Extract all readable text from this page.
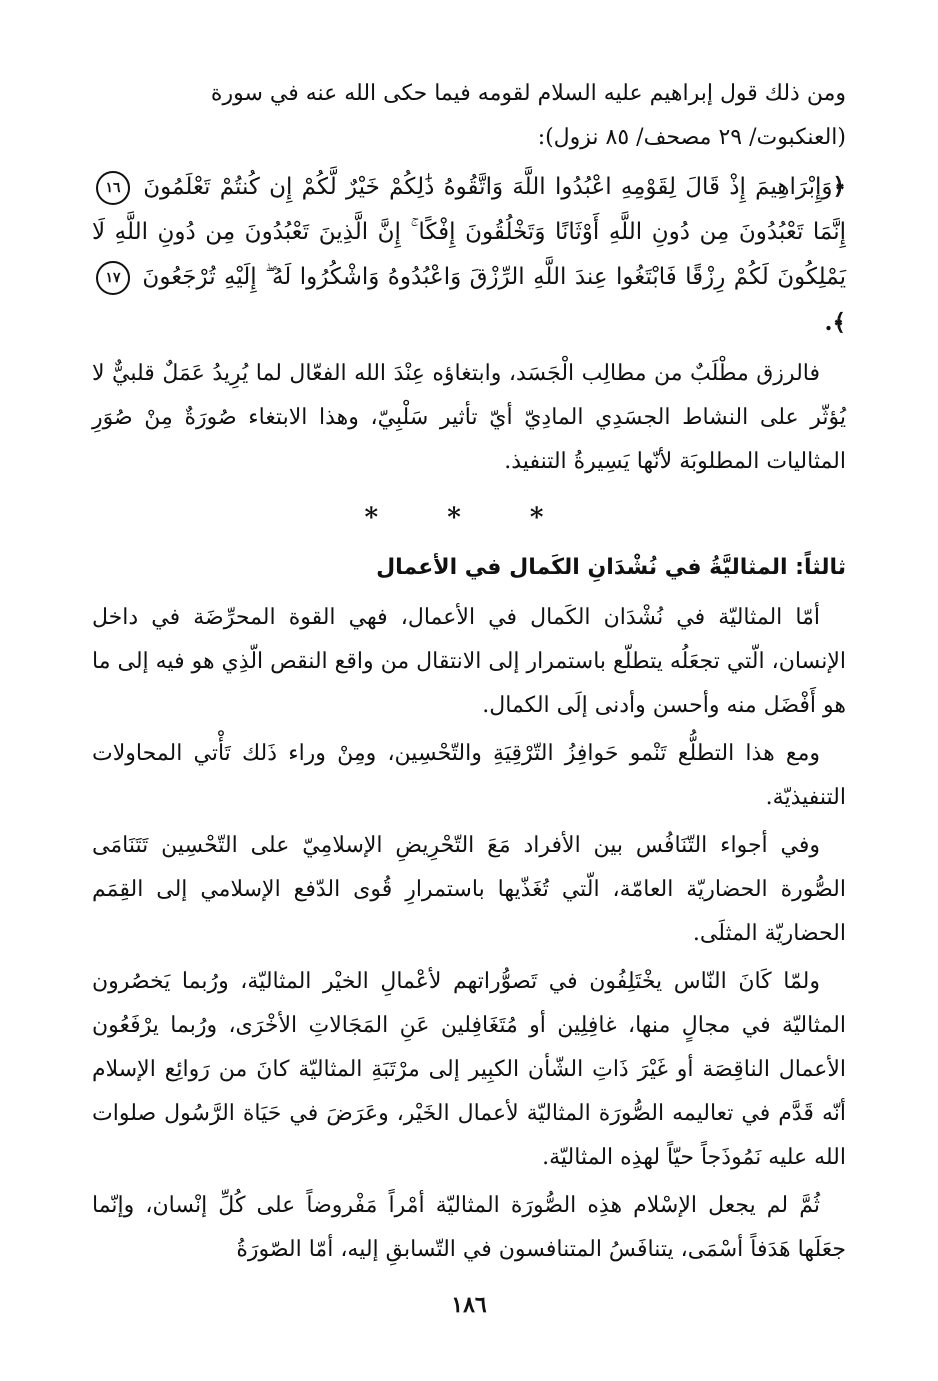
ومن ذلك قول إبراهيم عليه السلام لقومه فيما حكى الله عنه في سورة
(العنكبوت/ ٢٩ مصحف/ ٨٥ نزول):

﴿وَإِبْرَاهِيمَ إِذْ قَالَ لِقَوْمِهِ اعْبُدُوا اللَّهَ وَاتَّقُوهُ ذَٰلِكُمْ خَيْرٌ لَّكُمْ إِن كُنتُمْ تَعْلَمُونَ ١٦ إِنَّمَا تَعْبُدُونَ مِن دُونِ اللَّهِ أَوْثَانًا وَتَخْلُقُونَ إِفْكًا ۚ إِنَّ الَّذِينَ تَعْبُدُونَ مِن دُونِ اللَّهِ لَا يَمْلِكُونَ لَكُمْ رِزْقًا فَابْتَغُوا عِندَ اللَّهِ الرِّزْقَ وَاعْبُدُوهُ وَاشْكُرُوا لَهُ ۖ إِلَيْهِ تُرْجَعُونَ ١٧﴾.

فالرزق مطْلَبٌ من مطالِب الْجَسَد، وابتغاؤه عِنْدَ الله الفعّال لما يُرِيدُ عَمَلٌ قلبيٌّ لا يُؤثّر على النشاط الجسَدِي المادِيّ أيّ تأثير سَلْبِيّ، وهذا الابتغاء صُورَةٌ مِنْ صُوَرِ المثاليات المطلوبَة لأنّها يَسِيرةُ التنفيذ.

* * *
ثالثاً: المثاليَّةُ في نُشْدَانِ الكَمال في الأعمال

أمّا المثاليّة في نُشْدَان الكَمال في الأعمال، فهي القوة المحرِّضَة في داخل الإنسان، الّتي تجعَلُه يتطلّع باستمرار إلى الانتقال من واقع النقص الّذِي هو فيه إلى ما هو أَفْضَل منه وأحسن وأدنى إلَى الكمال.

ومع هذا التطلُّع تَنْمو حَوافِزُ التّرْقِيَةِ والتّحْسِين، ومِنْ وراء ذَلك تَأْتي المحاولات التنفيذيّة.

وفي أجواء التّنَافُس بين الأفراد مَعَ التّحْرِيضِ الإسلامِيّ على التّحْسِين تَتَنَامَى الصُّورة الحضاريّة العامّة، الّتي تُغَذّيها باستمرارِ قُوى الدّفع الإسلامي إلى القِمَم الحضاريّة المثلَى.

ولمّا كَانَ النّاس يخْتَلِفُون في تَصوُّراتهم لأعْمالِ الخيْر المثاليّة، ورُبما يَخصُرون المثاليّة في مجالٍ منها، غافِلِين أو مُتَغَافِلين عَنِ المَجَالاتِ الأخْرَى، ورُبما يرْفَعُون الأعمال الناقِصَة أو غَيْرَ ذَاتِ الشّأن الكبِير إلى مرْتَبَةِ المثاليّة كانَ من رَوائِع الإسلام أنّه قَدَّم في تعاليمه الصُّورَة المثاليّة لأعمال الخَيْر، وعَرَضَ في حَيَاة الرَّسُول صلوات الله عليه نَمُوذَجاً حيّاً لهذِه المثاليّة.

ثُمَّ لم يجعل الإسْلام هذِه الصُّورَة المثاليّة أمْراً مَفْروضاً على كُلِّ إنْسان، وإنّما جعَلَها هَدَفاً أسْمَى، يتنافَسُ المتنافسون في التّسابقِ إليه، أمّا الصّورَةُ

١٨٦
